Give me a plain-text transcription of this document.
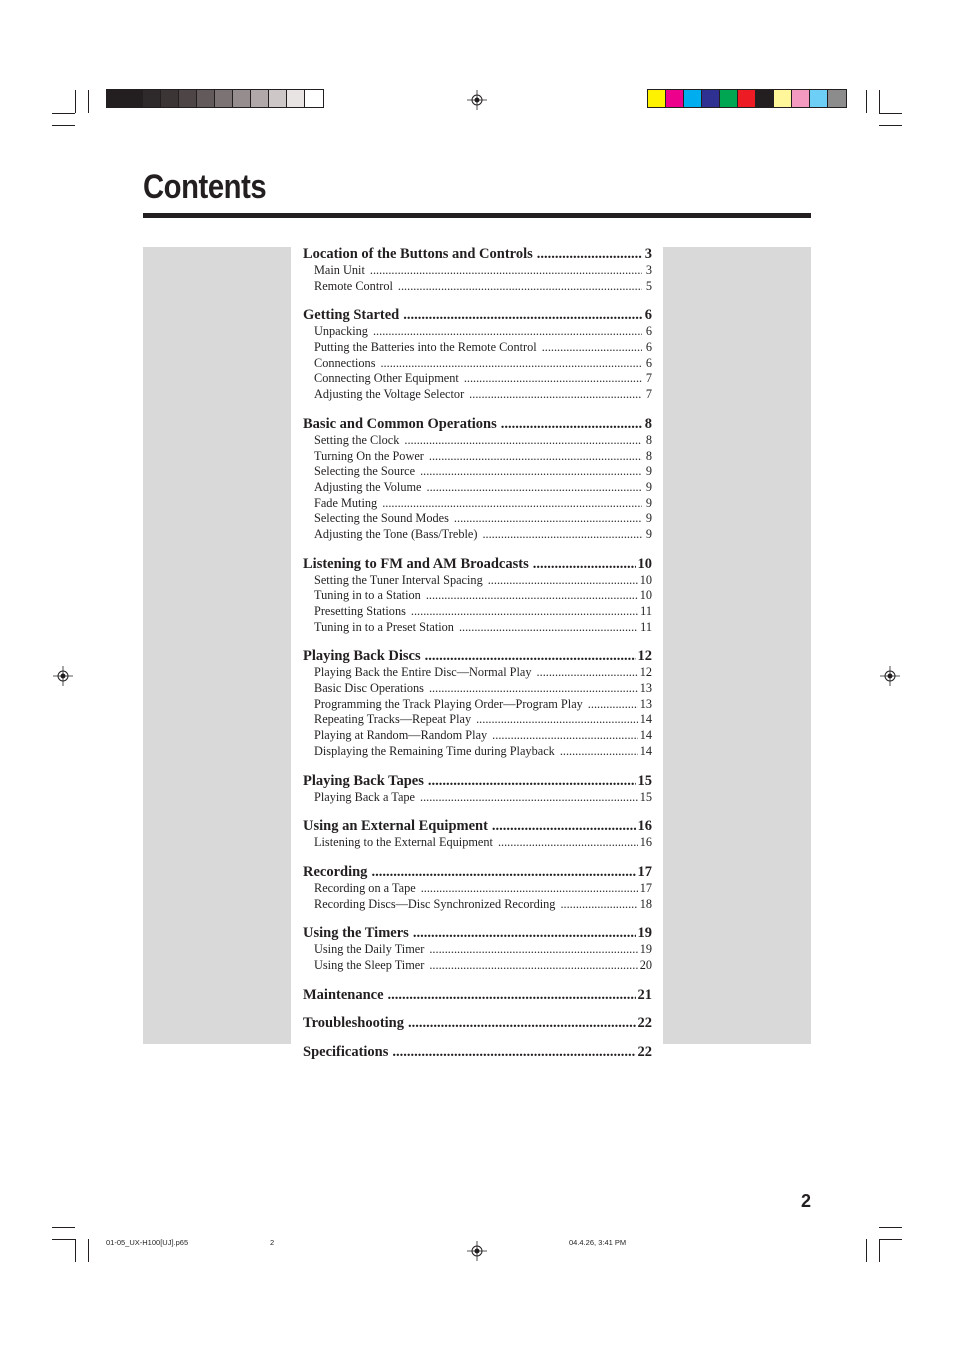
Contents
Location of the Buttons and Controls .....	3
Main Unit .....	3
Remote Control .....	5
Getting Started .....	6
Unpacking .....	6
Putting the Batteries into the Remote Control .....	6
Connections .....	6
Connecting Other Equipment .....	7
Adjusting the Voltage Selector .....	7
Basic and Common Operations .....	8
Setting the Clock .....	8
Turning On the Power .....	8
Selecting the Source .....	9
Adjusting the Volume .....	9
Fade Muting .....	9
Selecting the Sound Modes .....	9
Adjusting the Tone (Bass/Treble) .....	9
Listening to FM and AM Broadcasts .....	10
Setting the Tuner Interval Spacing .....	10
Tuning in to a Station .....	10
Presetting Stations .....	11
Tuning in to a Preset Station .....	11
Playing Back Discs .....	12
Playing Back the Entire Disc—Normal Play .....	12
Basic Disc Operations .....	13
Programming the Track Playing Order—Program Play .....	13
Repeating Tracks—Repeat Play .....	14
Playing at Random—Random Play .....	14
Displaying the Remaining Time during Playback .....	14
Playing Back Tapes .....	15
Playing Back a Tape .....	15
Using an External Equipment .....	16
Listening to the External Equipment .....	16
Recording .....	17
Recording on a Tape .....	17
Recording Discs—Disc Synchronized Recording .....	18
Using the Timers .....	19
Using the Daily Timer .....	19
Using the Sleep Timer .....	20
Maintenance .....	21
Troubleshooting .....	22
Specifications .....	22
2
01-05_UX-H100[UJ].p65	2	04.4.26, 3:41 PM
